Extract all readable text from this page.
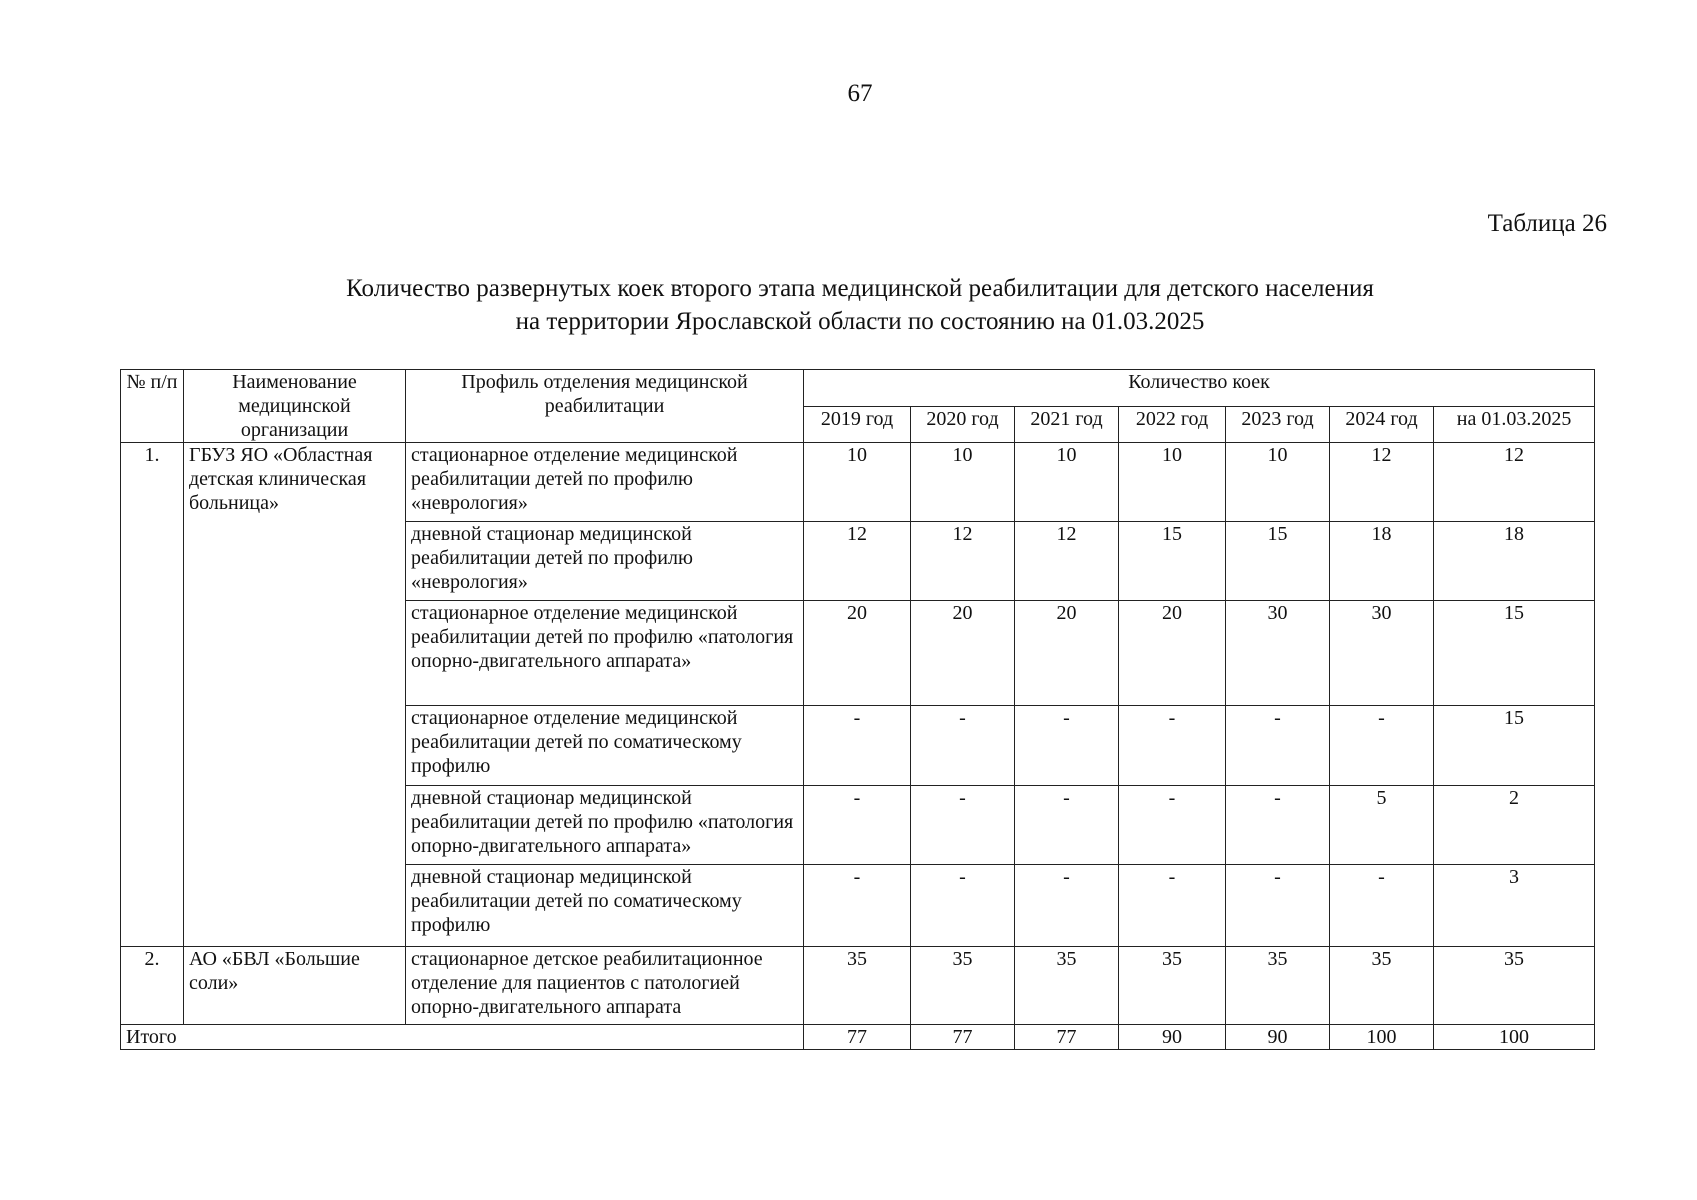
67
Таблица 26
Количество развернутых коек второго этапа медицинской реабилитации для детского населения
на территории Ярославской области по состоянию на 01.03.2025
№ п/п	Наименование медицинской организации	Профиль отделения медицинской реабилитации	Количество коек						
			2019 год	2020 год	2021 год	2022 год	2023 год	2024 год	на 01.03.2025
1.	ГБУЗ ЯО «Областная детская клиническая больница»	стационарное отделение медицинской реабилитации детей по профилю «неврология»	10	10	10	10	10	12	12
		дневной стационар медицинской реабилитации детей по профилю «неврология»	12	12	12	15	15	18	18
		стационарное отделение медицинской реабилитации детей по профилю «патология опорно-двигательного аппарата»	20	20	20	20	30	30	15
		стационарное отделение медицинской реабилитации детей по соматическому профилю	-	-	-	-	-	-	15
		дневной стационар медицинской реабилитации детей по профилю «патология опорно-двигательного аппарата»	-	-	-	-	-	5	2
		дневной стационар медицинской реабилитации детей по соматическому профилю	-	-	-	-	-	-	3
2.	АО «БВЛ «Большие соли»	стационарное детское реабилитационное отделение для пациентов с патологией опорно-двигательного аппарата	35	35	35	35	35	35	35
Итого			77	77	77	90	90	100	100
